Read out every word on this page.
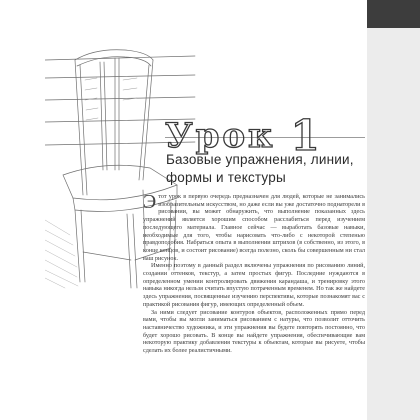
Урок 1
Базовые упражнения, линии,
формы и текстуры

Этот урок в первую очередь предназначен для людей, которые не занимались изобразительным искусством, но даже если вы уже достаточно поднаторели в рисовании, вы может обнаружить, что выполнение показанных здесь упражнений является хорошим способом расслабиться перед изучением последующего материала. Главное сейчас — выработать базовые навыки, необходимые для того, чтобы нарисовать что-либо с некоторой степенью правдоподобия. Набраться опыта в выполнении штрихов (в собственно, из этого, в конце концов, и состоит рисование) всегда полезно, сколь бы совершенным ни стал ваш рисунок.

Именно поэтому в данный раздел включены упражнения по рисованию линий, создании оттенков, текстур, а затем простых фигур. Последние нуждаются в определенном умении контролировать движения карандаша, и тренировку этого навыка никогда нельзя считать впустую потраченным временем. Но так же найдете здесь упражнения, посвященные изучению перспективы, которые познакомят вас с практикой рисования фигур, имеющих определенный объем.

За ними следует рисование контуров объектов, расположенных прямо перед вами, чтобы вы могли заниматься рисованием с натуры, что позволит отточить наставничество художника, и эти упражнения вы будете повторять постоянно, что будет хорошо рисовать. В конце вы найдете упражнения, обеспечивающие вам некоторую практику добавления текстуры к объектам, которые вы рисуете, чтобы сделать их более реалистичными.
